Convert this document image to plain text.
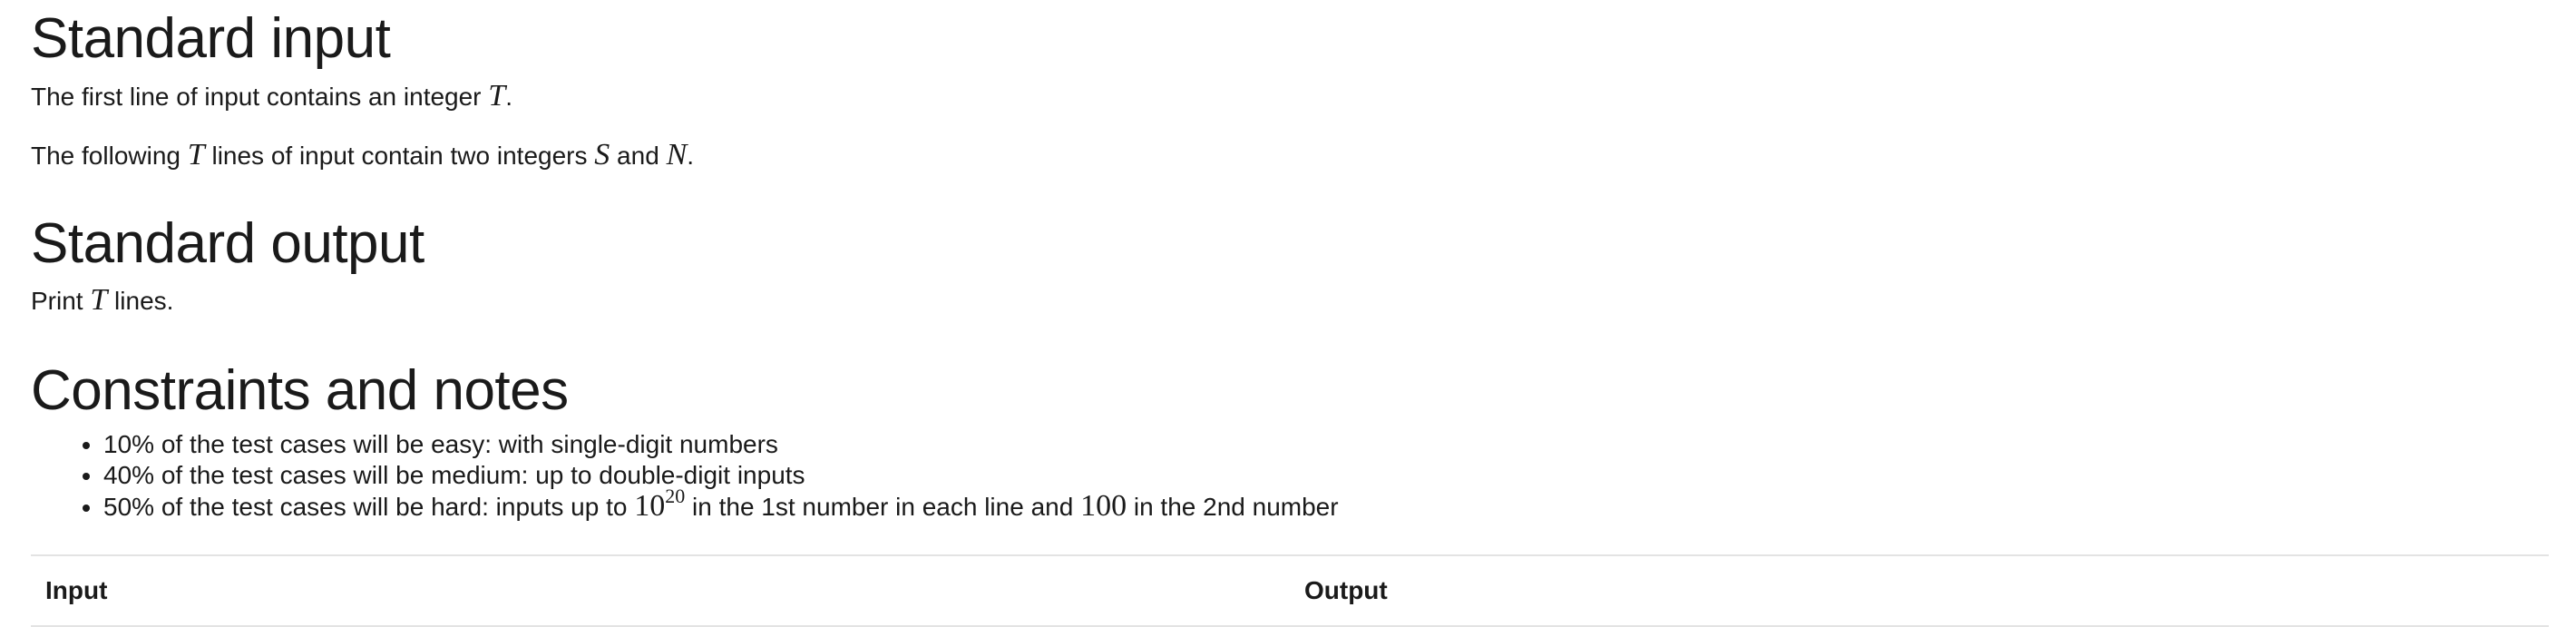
Standard input

The first line of input contains an integer T.

The following T lines of input contain two integers S and N.

Standard output

Print T lines.

Constraints and notes
• 10% of the test cases will be easy: with single-digit numbers
• 40% of the test cases will be medium: up to double-digit inputs
• 50% of the test cases will be hard: inputs up to $10^{20}$ in the 1st number in each line and 100 in the 2nd number
Input	Output
